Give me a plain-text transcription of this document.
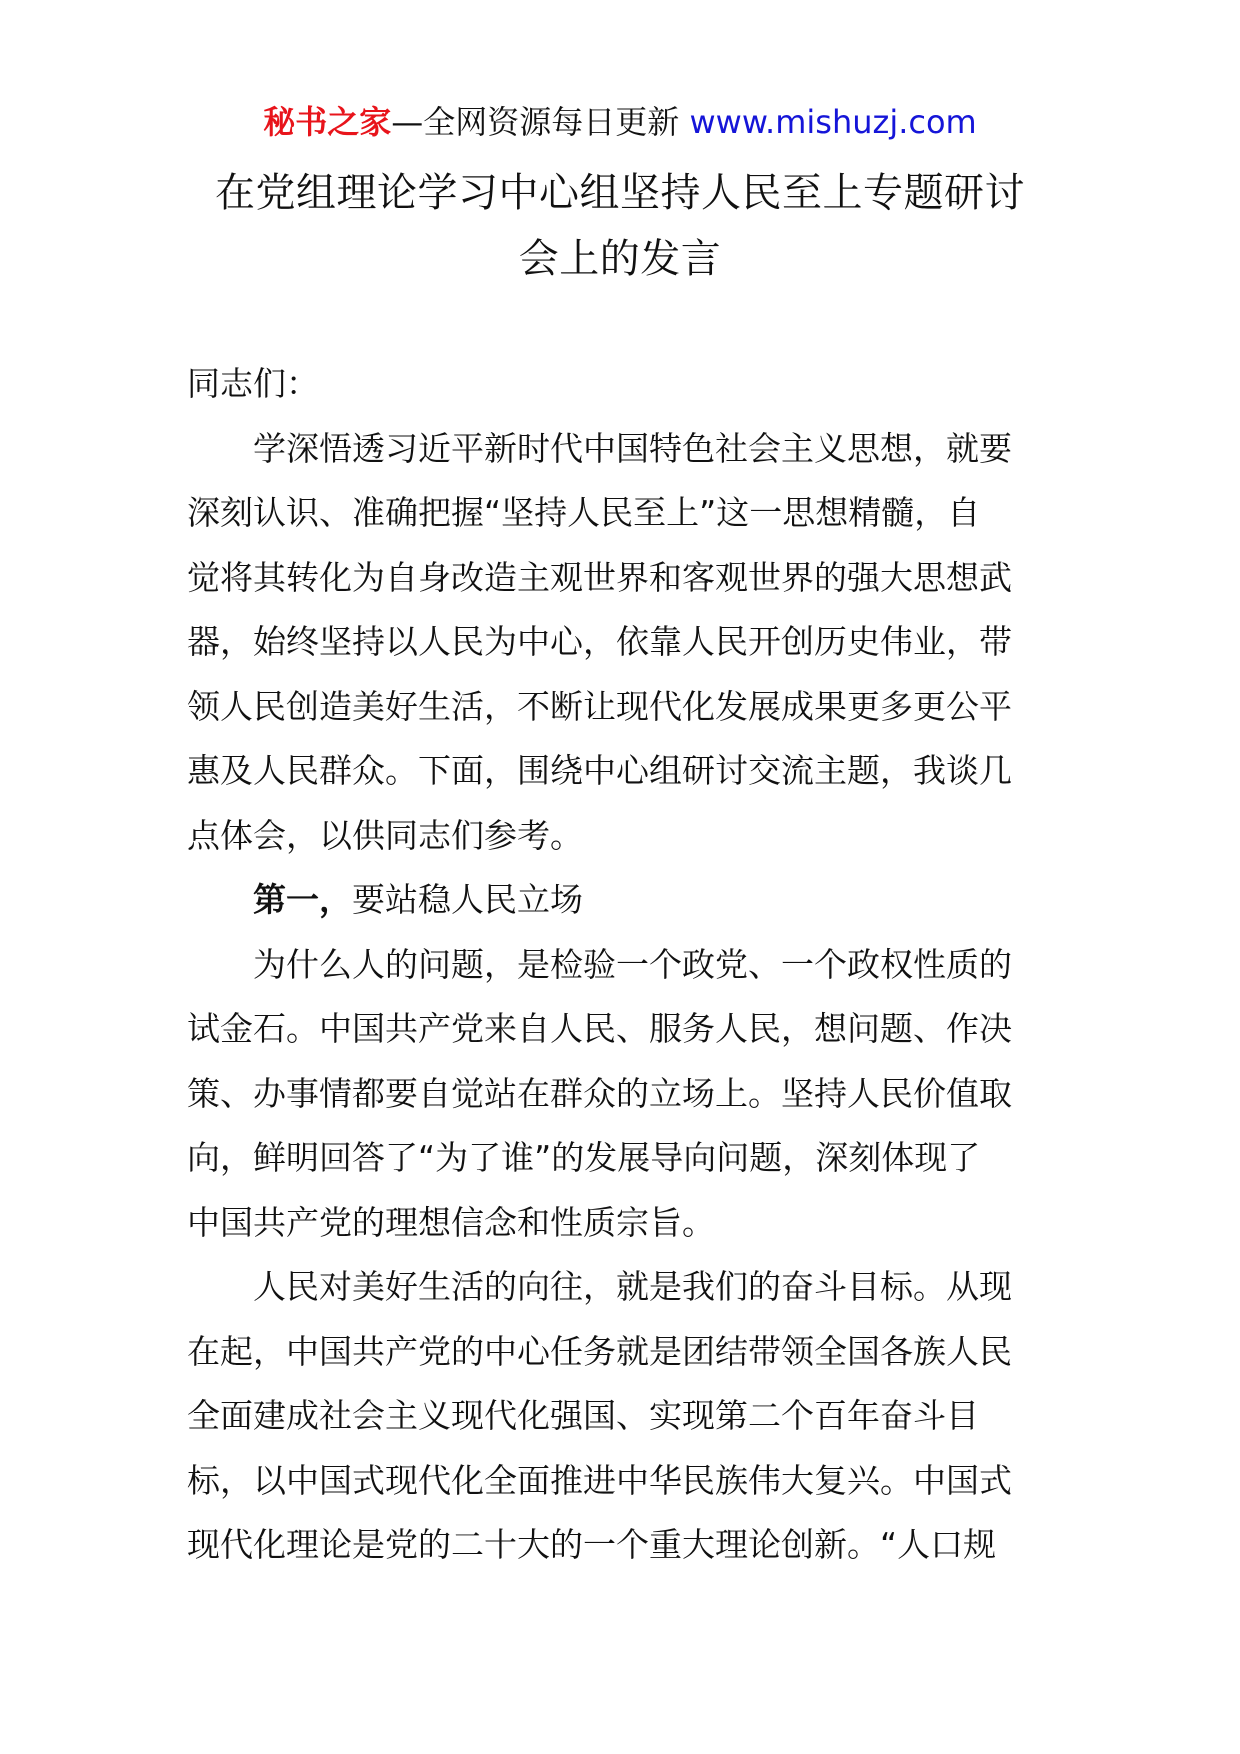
秘书之家—全网资源每日更新 www.mishuzj.com
在党组理论学习中心组坚持人民至上专题研讨
会上的发言

同志们：

学深悟透习近平新时代中国特色社会主义思想，就要
深刻认识、准确把握“坚持人民至上”这一思想精髓，自
觉将其转化为自身改造主观世界和客观世界的强大思想武
器，始终坚持以人民为中心，依靠人民开创历史伟业，带
领人民创造美好生活，不断让现代化发展成果更多更公平
惠及人民群众。下面，围绕中心组研讨交流主题，我谈几
点体会，以供同志们参考。

第一，要站稳人民立场

为什么人的问题，是检验一个政党、一个政权性质的
试金石。中国共产党来自人民、服务人民，想问题、作决
策、办事情都要自觉站在群众的立场上。坚持人民价值取
向，鲜明回答了“为了谁”的发展导向问题，深刻体现了
中国共产党的理想信念和性质宗旨。

人民对美好生活的向往，就是我们的奋斗目标。从现
在起，中国共产党的中心任务就是团结带领全国各族人民
全面建成社会主义现代化强国、实现第二个百年奋斗目
标，以中国式现代化全面推进中华民族伟大复兴。中国式
现代化理论是党的二十大的一个重大理论创新。“人口规
